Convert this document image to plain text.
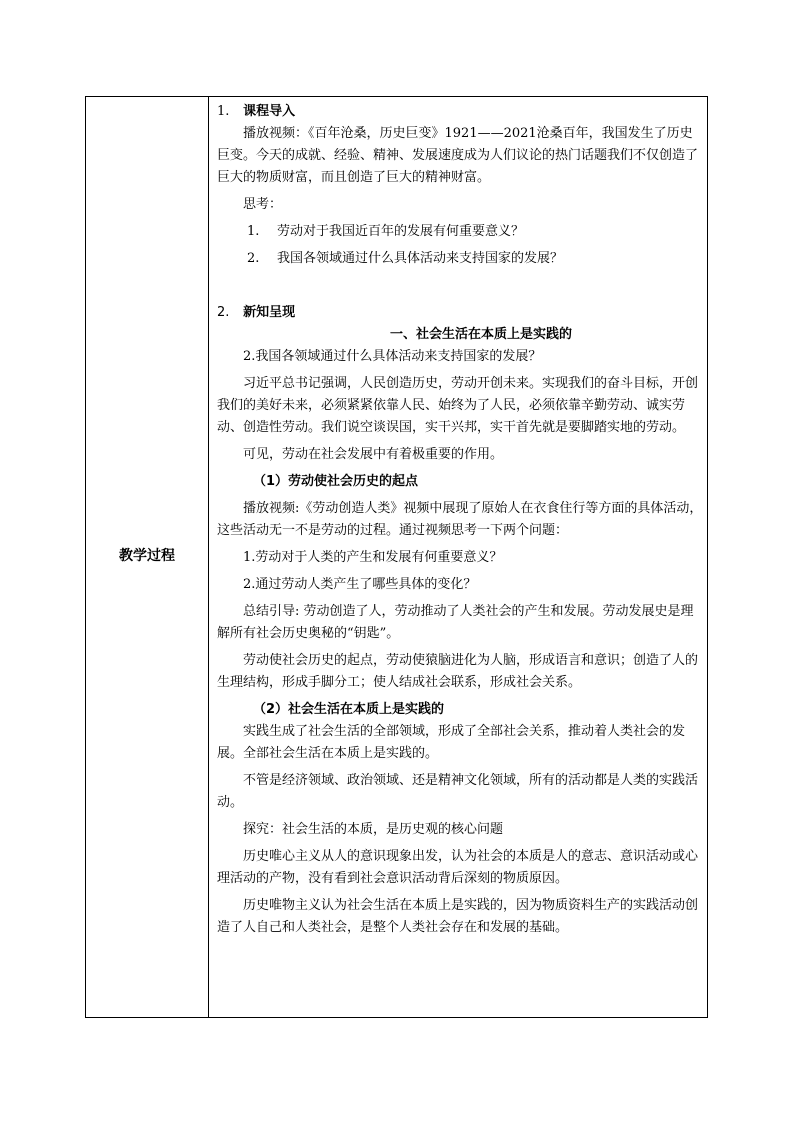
教学过程

1. 课程导入

播放视频：《百年沧桑，历史巨变》1921——2021沧桑百年，我国发生了历史巨变。今天的成就、经验、精神、发展速度成为人们议论的热门话题我们不仅创造了巨大的物质财富，而且创造了巨大的精神财富。

思考：

1. 劳动对于我国近百年的发展有何重要意义？

2. 我国各领域通过什么具体活动来支持国家的发展？

2. 新知呈现

一、社会生活在本质上是实践的

2.我国各领域通过什么具体活动来支持国家的发展？

习近平总书记强调，人民创造历史，劳动开创未来。实现我们的奋斗目标，开创我们的美好未来，必须紧紧依靠人民、始终为了人民，必须依靠辛勤劳动、诚实劳动、创造性劳动。我们说空谈误国，实干兴邦，实干首先就是要脚踏实地的劳动。

可见，劳动在社会发展中有着极重要的作用。

（1）劳动使社会历史的起点

播放视频:《劳动创造人类》视频中展现了原始人在衣食住行等方面的具体活动，这些活动无一不是劳动的过程。通过视频思考一下两个问题：

1.劳动对于人类的产生和发展有何重要意义？

2.通过劳动人类产生了哪些具体的变化？

总结引导: 劳动创造了人，劳动推动了人类社会的产生和发展。劳动发展史是理解所有社会历史奥秘的“钥匙”。

劳动使社会历史的起点，劳动使猿脑进化为人脑，形成语言和意识；创造了人的生理结构，形成手脚分工；使人结成社会联系，形成社会关系。

（2）社会生活在本质上是实践的

实践生成了社会生活的全部领域，形成了全部社会关系，推动着人类社会的发展。全部社会生活在本质上是实践的。

不管是经济领域、政治领域、还是精神文化领域，所有的活动都是人类的实践活动。

探究：社会生活的本质，是历史观的核心问题

历史唯心主义从人的意识现象出发，认为社会的本质是人的意志、意识活动或心理活动的产物，没有看到社会意识活动背后深刻的物质原因。

历史唯物主义认为社会生活在本质上是实践的，因为物质资料生产的实践活动创造了人自己和人类社会，是整个人类社会存在和发展的基础。
